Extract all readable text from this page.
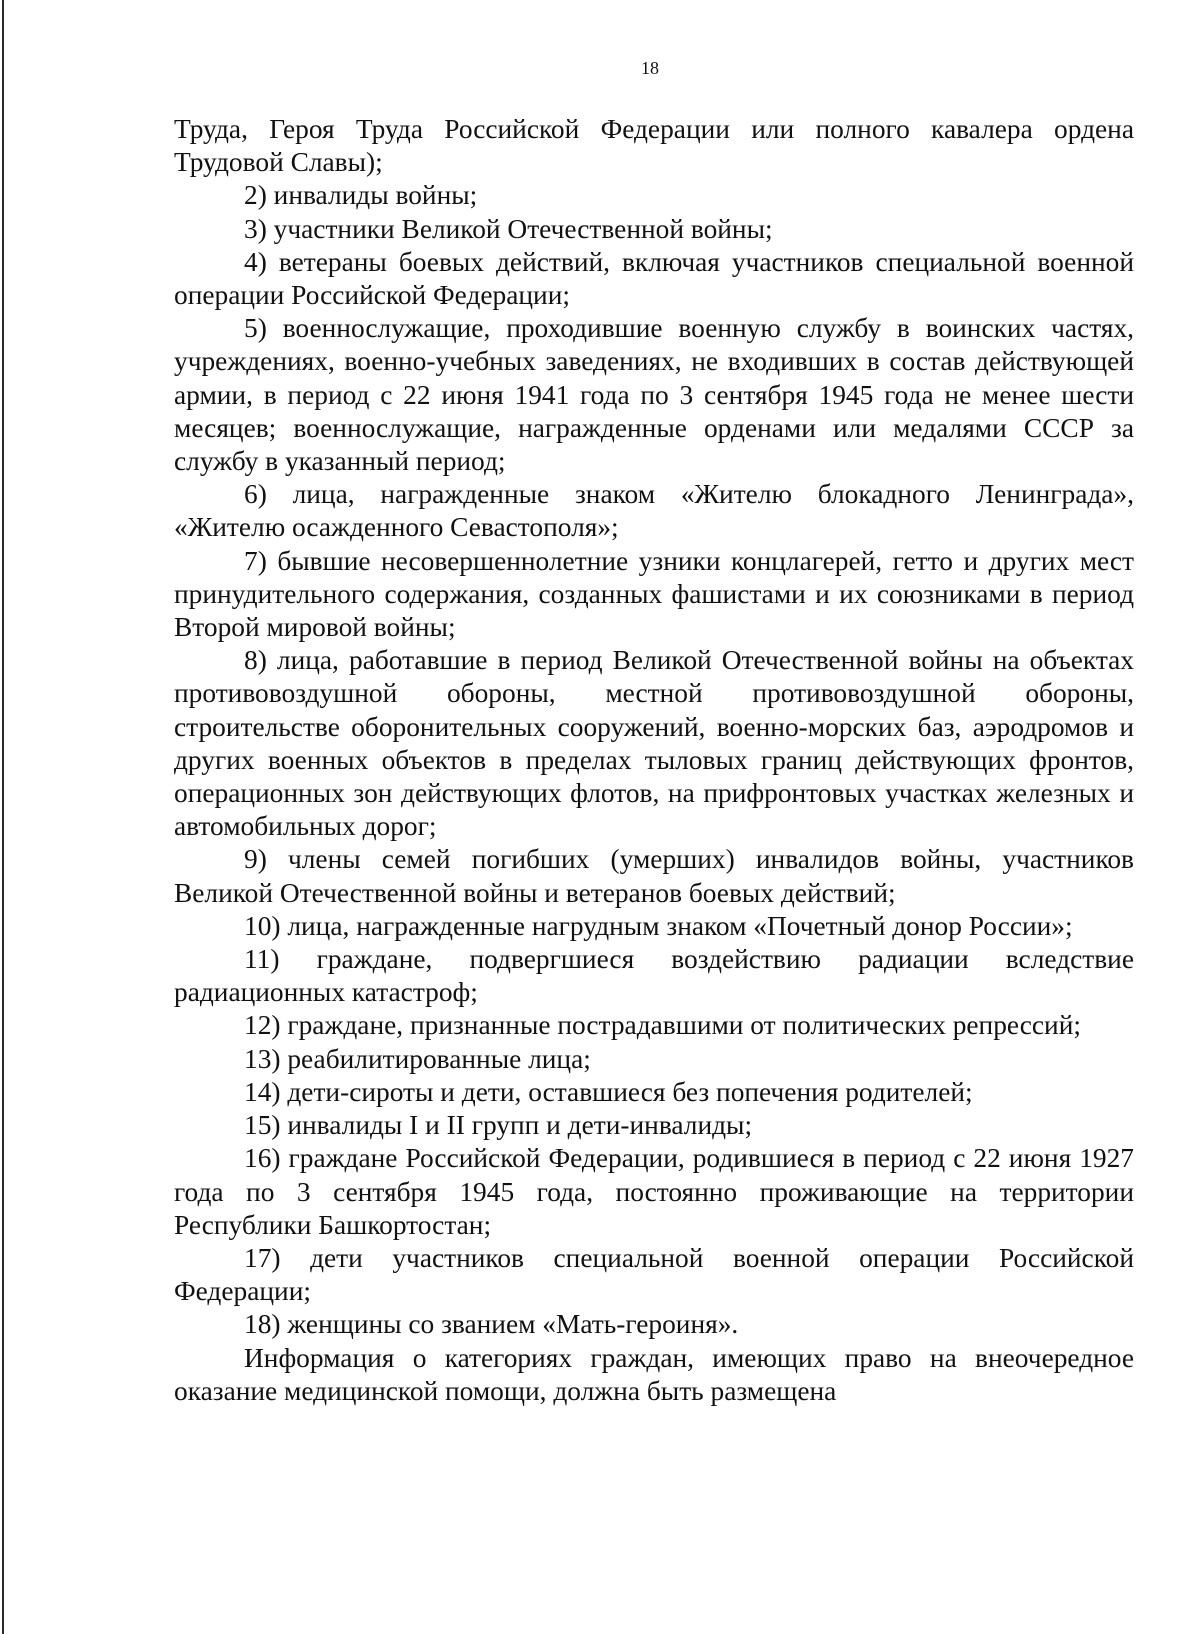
18

Труда, Героя Труда Российской Федерации или полного кавалера ордена Трудовой Славы);

2) инвалиды войны;

3) участники Великой Отечественной войны;

4) ветераны боевых действий, включая участников специальной военной операции Российской Федерации;

5) военнослужащие, проходившие военную службу в воинских частях, учреждениях, военно-учебных заведениях, не входивших в состав действующей армии, в период с 22 июня 1941 года по 3 сентября 1945 года не менее шести месяцев; военнослужащие, награжденные орденами или медалями СССР за службу в указанный период;

6) лица, награжденные знаком «Жителю блокадного Ленинграда», «Жителю осажденного Севастополя»;

7) бывшие несовершеннолетние узники концлагерей, гетто и других мест принудительного содержания, созданных фашистами и их союзниками в период Второй мировой войны;

8) лица, работавшие в период Великой Отечественной войны на объектах противовоздушной обороны, местной противовоздушной обороны, строительстве оборонительных сооружений, военно-морских баз, аэродромов и других военных объектов в пределах тыловых границ действующих фронтов, операционных зон действующих флотов, на прифронтовых участках железных и автомобильных дорог;

9) члены семей погибших (умерших) инвалидов войны, участников Великой Отечественной войны и ветеранов боевых действий;

10) лица, награжденные нагрудным знаком «Почетный донор России»;

11) граждане, подвергшиеся воздействию радиации вследствие радиационных катастроф;

12) граждане, признанные пострадавшими от политических репрессий;

13) реабилитированные лица;

14) дети-сироты и дети, оставшиеся без попечения родителей;

15) инвалиды I и II групп и дети-инвалиды;

16) граждане Российской Федерации, родившиеся в период с 22 июня 1927 года по 3 сентября 1945 года, постоянно проживающие на территории Республики Башкортостан;

17) дети участников специальной военной операции Российской Федерации;

18) женщины со званием «Мать-героиня».

Информация о категориях граждан, имеющих право на внеочередное оказание медицинской помощи, должна быть размещена
